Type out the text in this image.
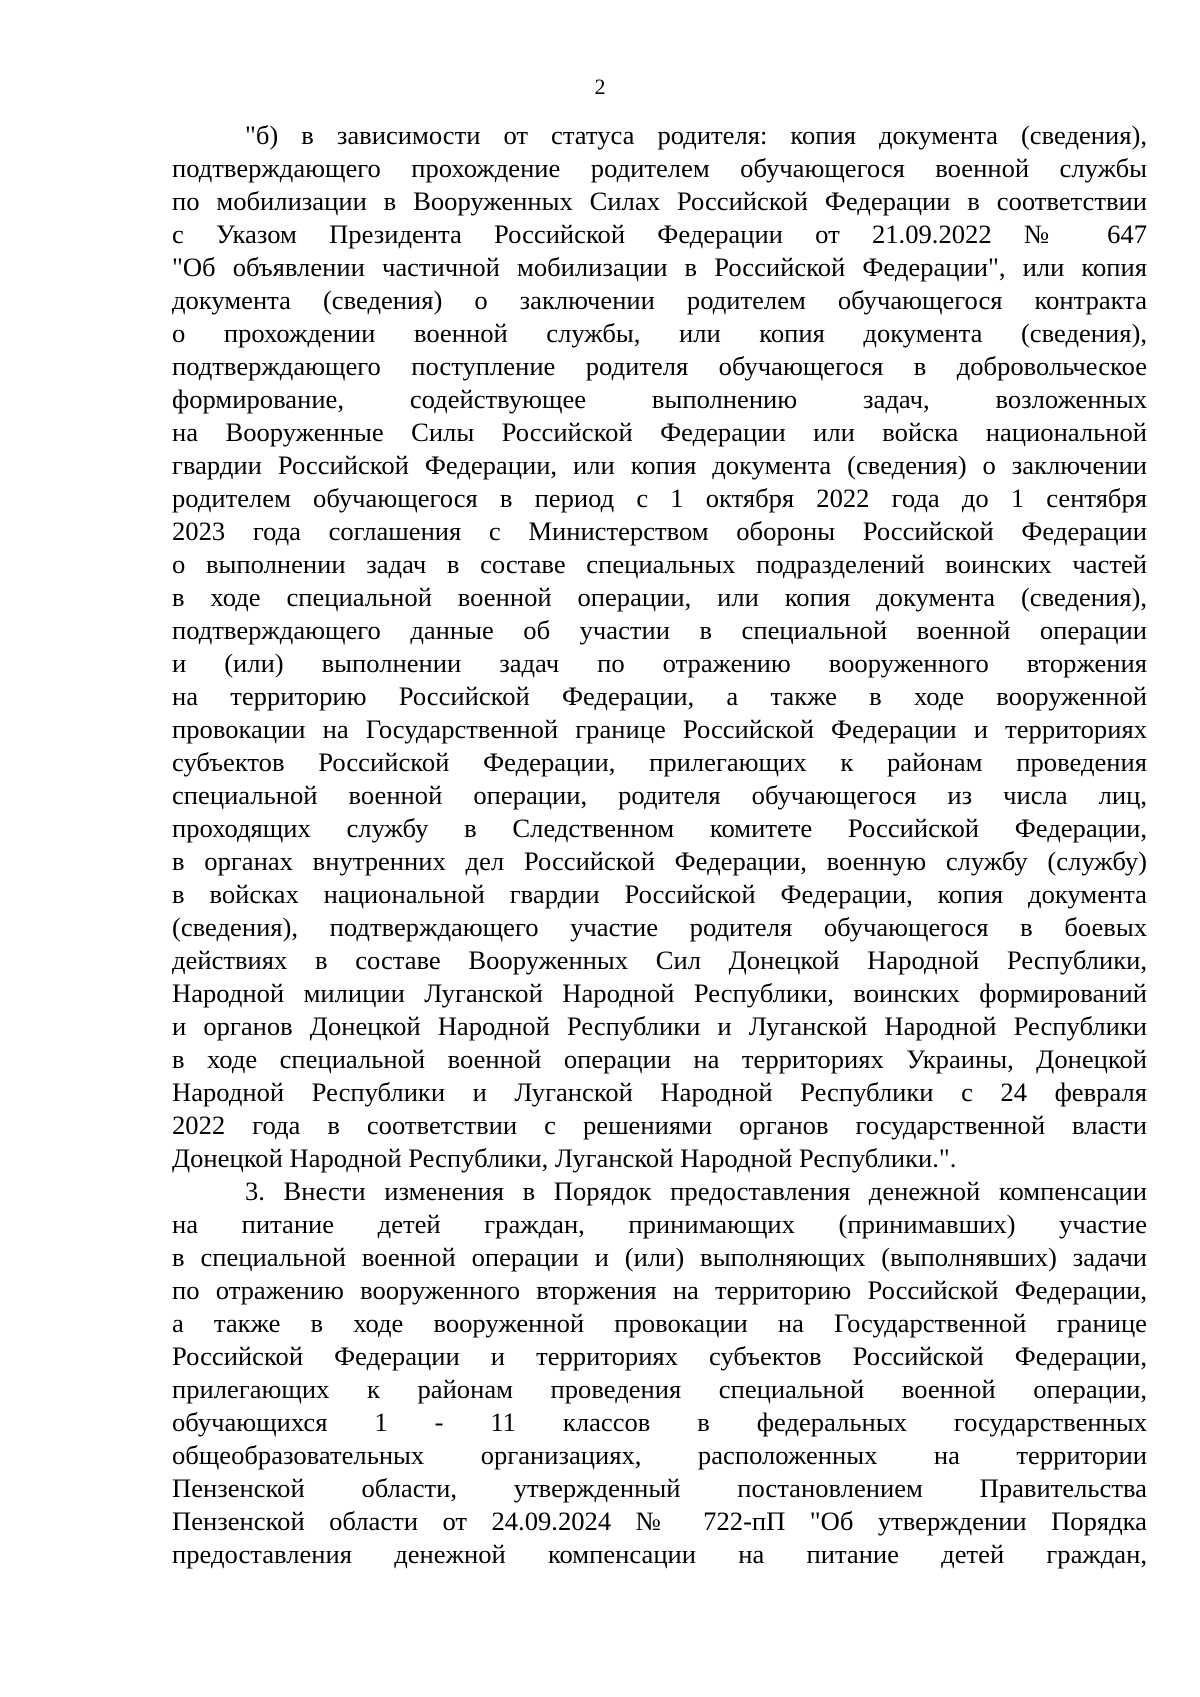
2
"б) в зависимости от статуса родителя: копия документа (сведения),
подтверждающего прохождение родителем обучающегося военной службы
по мобилизации в Вооруженных Силах Российской Федерации в соответствии
с Указом Президента Российской Федерации от 21.09.2022 № 647
"Об объявлении частичной мобилизации в Российской Федерации", или копия
документа (сведения) о заключении родителем обучающегося контракта
о прохождении военной службы, или копия документа (сведения),
подтверждающего поступление родителя обучающегося в добровольческое
формирование, содействующее выполнению задач, возложенных
на Вооруженные Силы Российской Федерации или войска национальной
гвардии Российской Федерации, или копия документа (сведения) о заключении
родителем обучающегося в период с 1 октября 2022 года до 1 сентября
2023 года соглашения с Министерством обороны Российской Федерации
о выполнении задач в составе специальных подразделений воинских частей
в ходе специальной военной операции, или копия документа (сведения),
подтверждающего данные об участии в специальной военной операции
и (или) выполнении задач по отражению вооруженного вторжения
на территорию Российской Федерации, а также в ходе вооруженной
провокации на Государственной границе Российской Федерации и территориях
субъектов Российской Федерации, прилегающих к районам проведения
специальной военной операции, родителя обучающегося из числа лиц,
проходящих службу в Следственном комитете Российской Федерации,
в органах внутренних дел Российской Федерации, военную службу (службу)
в войсках национальной гвардии Российской Федерации, копия документа
(сведения), подтверждающего участие родителя обучающегося в боевых
действиях в составе Вооруженных Сил Донецкой Народной Республики,
Народной милиции Луганской Народной Республики, воинских формирований
и органов Донецкой Народной Республики и Луганской Народной Республики
в ходе специальной военной операции на территориях Украины, Донецкой
Народной Республики и Луганской Народной Республики с 24 февраля
2022 года в соответствии с решениями органов государственной власти
Донецкой Народной Республики, Луганской Народной Республики.".
3. Внести изменения в Порядок предоставления денежной компенсации
на питание детей граждан, принимающих (принимавших) участие
в специальной военной операции и (или) выполняющих (выполнявших) задачи
по отражению вооруженного вторжения на территорию Российской Федерации,
а также в ходе вооруженной провокации на Государственной границе
Российской Федерации и территориях субъектов Российской Федерации,
прилегающих к районам проведения специальной военной операции,
обучающихся 1 - 11 классов в федеральных государственных
общеобразовательных организациях, расположенных на территории
Пензенской области, утвержденный постановлением Правительства
Пензенской области от 24.09.2024 № 722-пП "Об утверждении Порядка
предоставления денежной компенсации на питание детей граждан,
